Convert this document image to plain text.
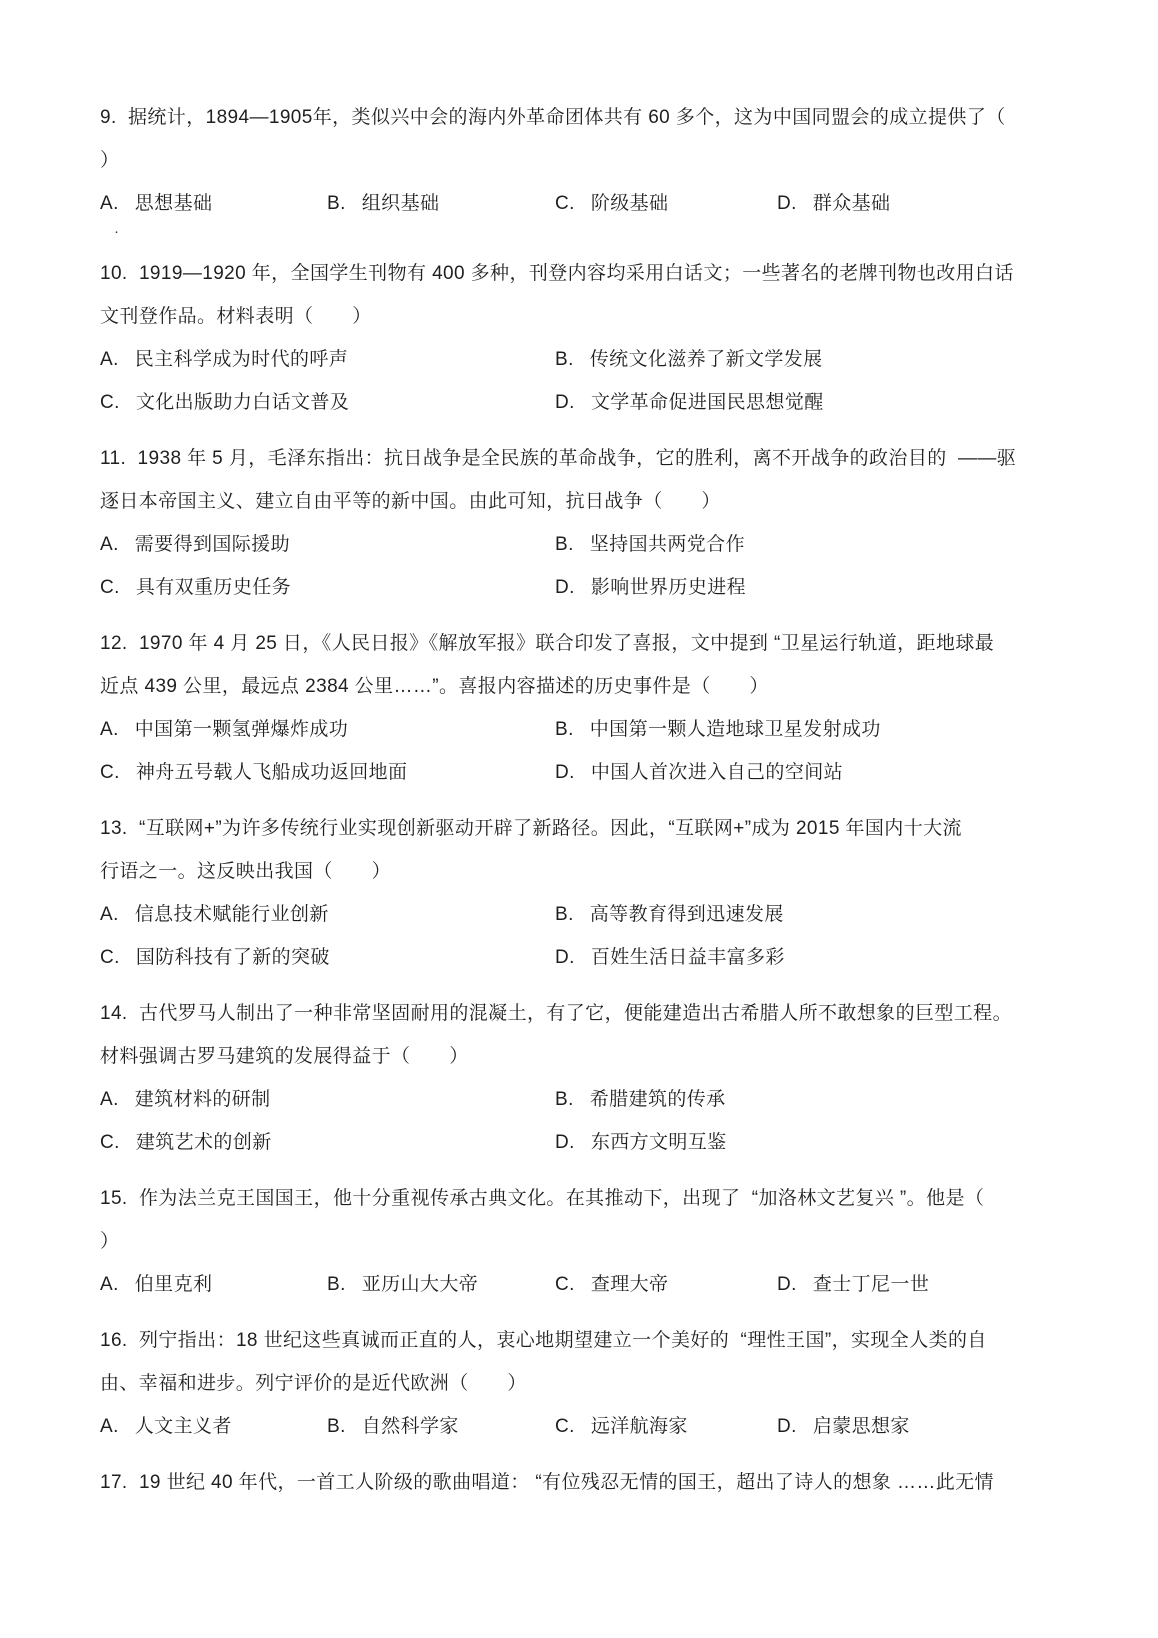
9.  据统计，1894—1905年，类似兴中会的海内外革命团体共有 60 多个，这为中国同盟会的成立提供了（
）
A. 思想基础	B. 组织基础	C. 阶级基础	D. 群众基础
·
10.  1919—1920 年，全国学生刊物有 400 多种，刊登内容均采用白话文；一些著名的老牌刊物也改用白话
文刊登作品。材料表明（　　）
A. 民主科学成为时代的呼声	B. 传统文化滋养了新文学发展
C. 文化出版助力白话文普及	D. 文学革命促进国民思想觉醒
11.  1938 年 5 月，毛泽东指出：抗日战争是全民族的革命战争，它的胜利，离不开战争的政治目的  ——驱
逐日本帝国主义、建立自由平等的新中国。由此可知，抗日战争（　　）
A. 需要得到国际援助	B. 坚持国共两党合作
C. 具有双重历史任务	D. 影响世界历史进程
12.  1970 年 4 月 25 日，《人民日报》《解放军报》联合印发了喜报，文中提到 “卫星运行轨道，距地球最
近点 439 公里，最远点 2384 公里……”。喜报内容描述的历史事件是（　　）
A. 中国第一颗氢弹爆炸成功	B. 中国第一颗人造地球卫星发射成功
C. 神舟五号载人飞船成功返回地面	D. 中国人首次进入自己的空间站
13.  “互联网+”为许多传统行业实现创新驱动开辟了新路径。因此，“互联网+”成为 2015 年国内十大流
行语之一。这反映出我国（　　）
A. 信息技术赋能行业创新	B. 高等教育得到迅速发展
C. 国防科技有了新的突破	D. 百姓生活日益丰富多彩
14.  古代罗马人制出了一种非常坚固耐用的混凝土，有了它，便能建造出古希腊人所不敢想象的巨型工程。
材料强调古罗马建筑的发展得益于（　　）
A. 建筑材料的研制	B. 希腊建筑的传承
C. 建筑艺术的创新	D. 东西方文明互鉴
15.  作为法兰克王国国王，他十分重视传承古典文化。在其推动下，出现了  “加洛林文艺复兴 ”。他是（
）
A. 伯里克利	B. 亚历山大大帝	C. 查理大帝	D. 查士丁尼一世
16.  列宁指出：18 世纪这些真诚而正直的人，衷心地期望建立一个美好的  “理性王国”，实现全人类的自
由、幸福和进步。列宁评价的是近代欧洲（　　）
A. 人文主义者	B. 自然科学家	C. 远洋航海家	D. 启蒙思想家
17.  19 世纪 40 年代，一首工人阶级的歌曲唱道： “有位残忍无情的国王，超出了诗人的想象 ……此无情
